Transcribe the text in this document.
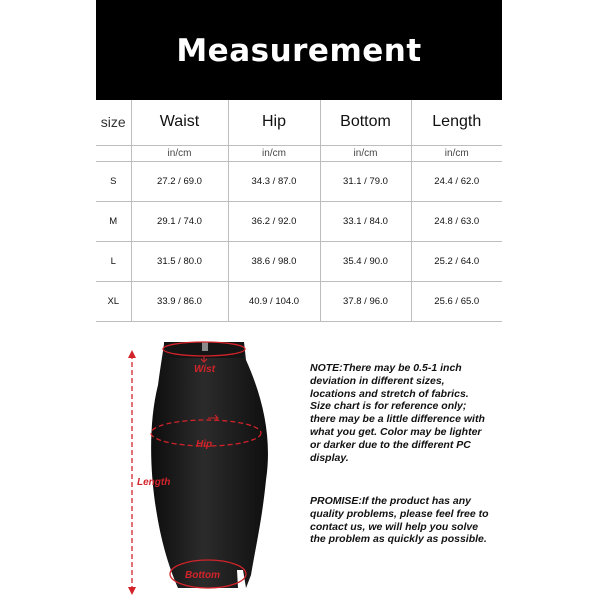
Measurement
size	Waist	Hip	Bottom	Length
	in/cm	in/cm	in/cm	in/cm
S	27.2 / 69.0	34.3 / 87.0	31.1 / 79.0	24.4 / 62.0
M	29.1 / 74.0	36.2 / 92.0	33.1 / 84.0	24.8 / 63.0
L	31.5 / 80.0	38.6 / 98.0	35.4 / 90.0	25.2 / 64.0
XL	33.9 / 86.0	40.9 / 104.0	37.8 / 96.0	25.6 / 65.0
Wist
Hip
Length
Bottom

NOTE:There may be 0.5-1 inch deviation in different sizes, locations and stretch of fabrics. Size chart is for reference only; there may be a little difference with what you get. Color may be lighter or darker due to the different PC display.

PROMISE:If the product has any quality problems, please feel free to contact us, we will help you solve the problem as quickly as possible.
